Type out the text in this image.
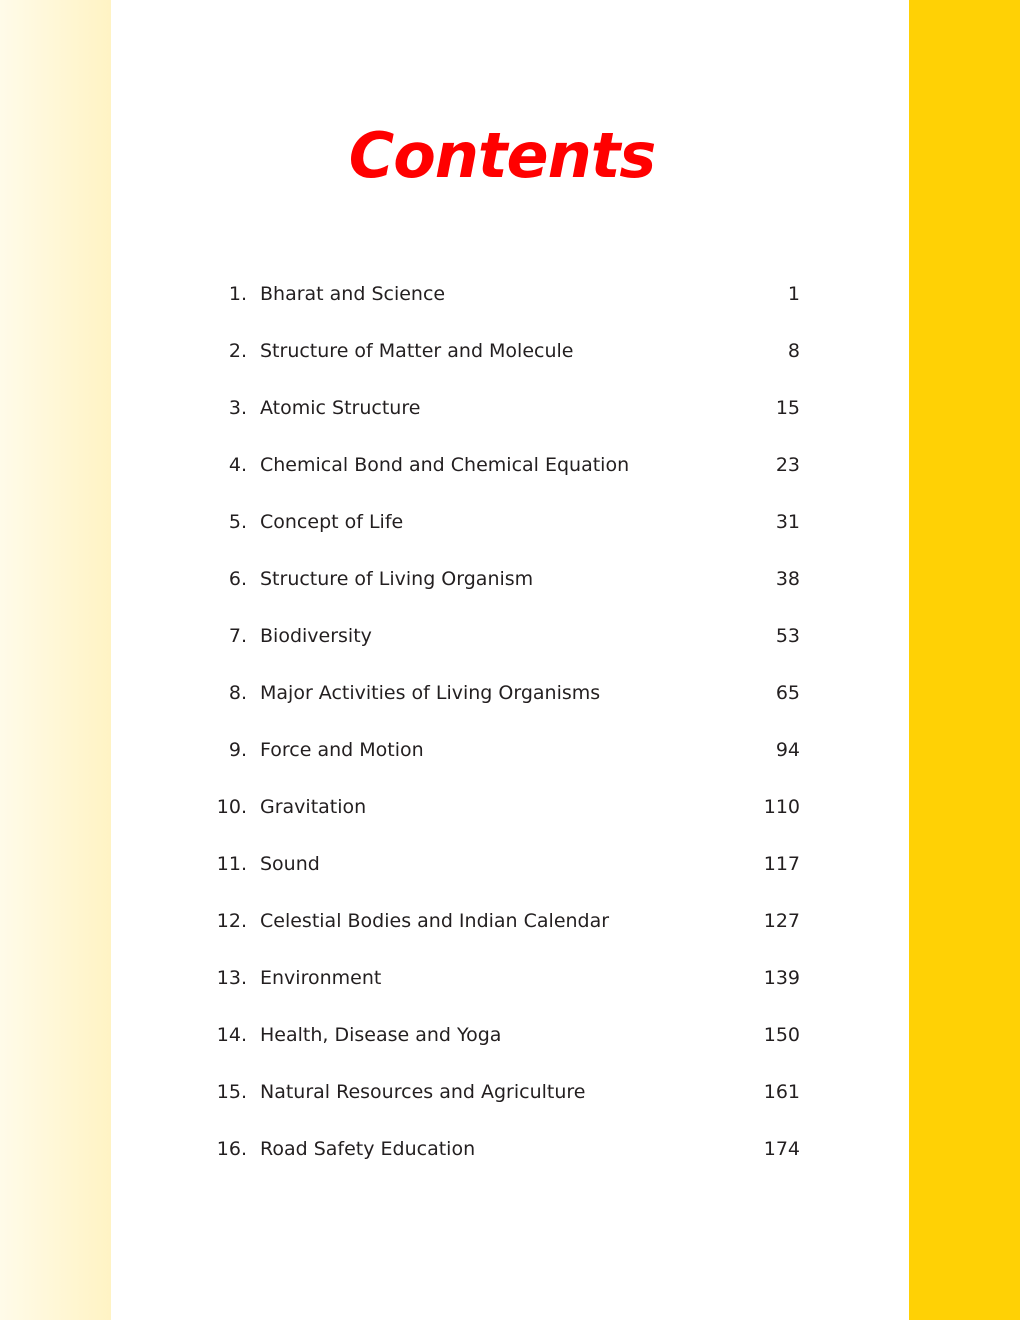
Contents
1. Bharat and Science	1
2. Structure of Matter and Molecule	8
3. Atomic Structure	15
4. Chemical Bond and Chemical Equation	23
5. Concept of Life	31
6. Structure of Living Organism	38
7. Biodiversity	53
8. Major Activities of Living Organisms	65
9. Force and Motion	94
10. Gravitation	110
11. Sound	117
12. Celestial Bodies and Indian Calendar	127
13. Environment	139
14. Health, Disease and Yoga	150
15. Natural Resources and Agriculture	161
16. Road Safety Education	174
